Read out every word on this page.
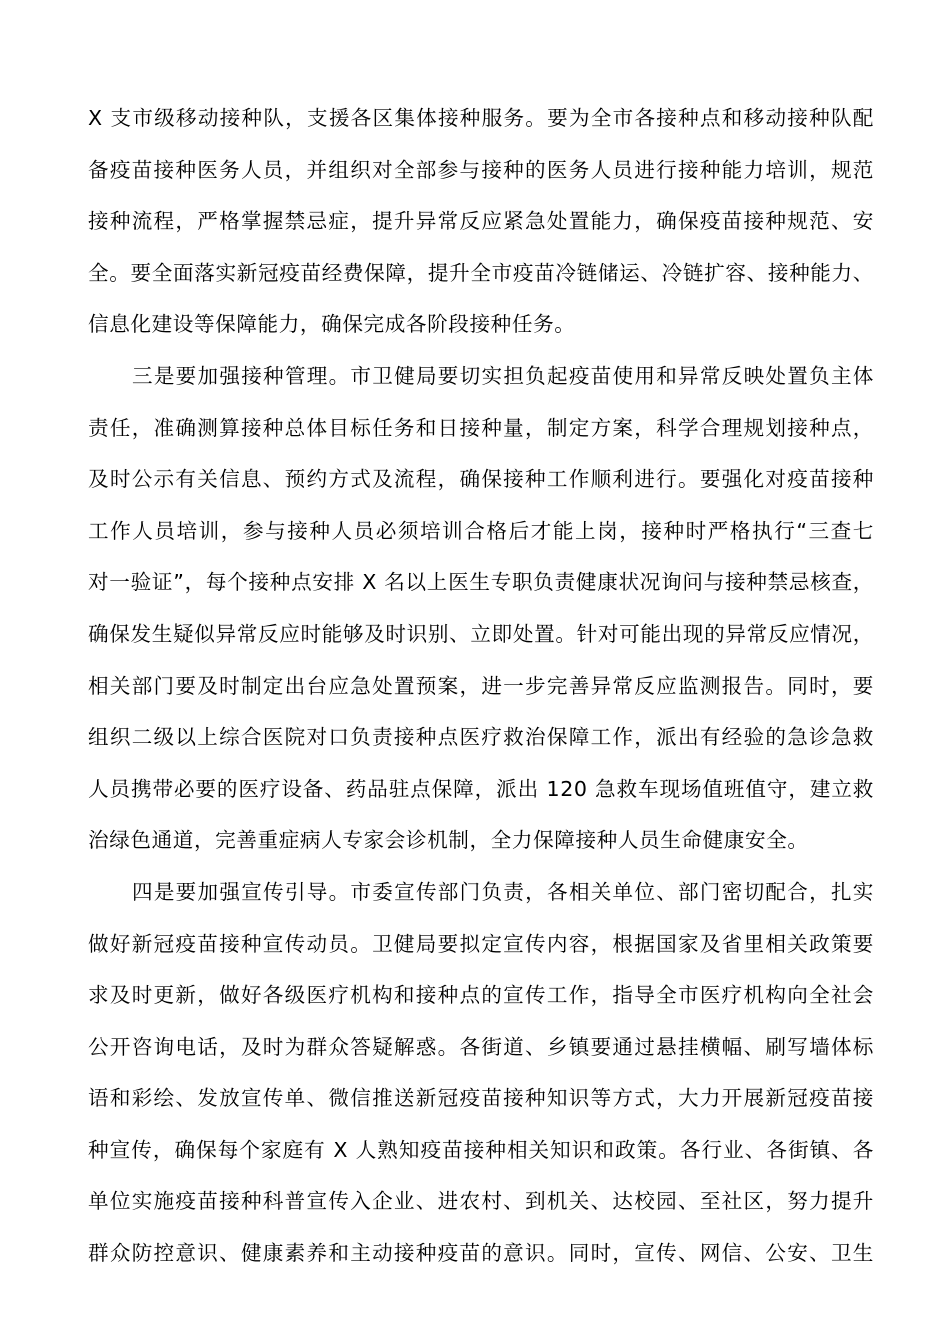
X 支市级移动接种队，支援各区集体接种服务。要为全市各接种点和移动接种队配
备疫苗接种医务人员，并组织对全部参与接种的医务人员进行接种能力培训，规范
接种流程，严格掌握禁忌症，提升异常反应紧急处置能力，确保疫苗接种规范、安
全。要全面落实新冠疫苗经费保障，提升全市疫苗冷链储运、冷链扩容、接种能力、
信息化建设等保障能力，确保完成各阶段接种任务。
三是要加强接种管理。市卫健局要切实担负起疫苗使用和异常反映处置负主体
责任，准确测算接种总体目标任务和日接种量，制定方案，科学合理规划接种点，
及时公示有关信息、预约方式及流程，确保接种工作顺利进行。要强化对疫苗接种
工作人员培训，参与接种人员必须培训合格后才能上岗，接种时严格执行“三查七
对一验证”，每个接种点安排 X 名以上医生专职负责健康状况询问与接种禁忌核查，
确保发生疑似异常反应时能够及时识别、立即处置。针对可能出现的异常反应情况，
相关部门要及时制定出台应急处置预案，进一步完善异常反应监测报告。同时，要
组织二级以上综合医院对口负责接种点医疗救治保障工作，派出有经验的急诊急救
人员携带必要的医疗设备、药品驻点保障，派出 120 急救车现场值班值守，建立救
治绿色通道，完善重症病人专家会诊机制，全力保障接种人员生命健康安全。
四是要加强宣传引导。市委宣传部门负责，各相关单位、部门密切配合，扎实
做好新冠疫苗接种宣传动员。卫健局要拟定宣传内容，根据国家及省里相关政策要
求及时更新，做好各级医疗机构和接种点的宣传工作，指导全市医疗机构向全社会
公开咨询电话，及时为群众答疑解惑。各街道、乡镇要通过悬挂横幅、刷写墙体标
语和彩绘、发放宣传单、微信推送新冠疫苗接种知识等方式，大力开展新冠疫苗接
种宣传，确保每个家庭有 X 人熟知疫苗接种相关知识和政策。各行业、各街镇、各
单位实施疫苗接种科普宣传入企业、进农村、到机关、达校园、至社区，努力提升
群众防控意识、健康素养和主动接种疫苗的意识。同时，宣传、网信、公安、卫生
